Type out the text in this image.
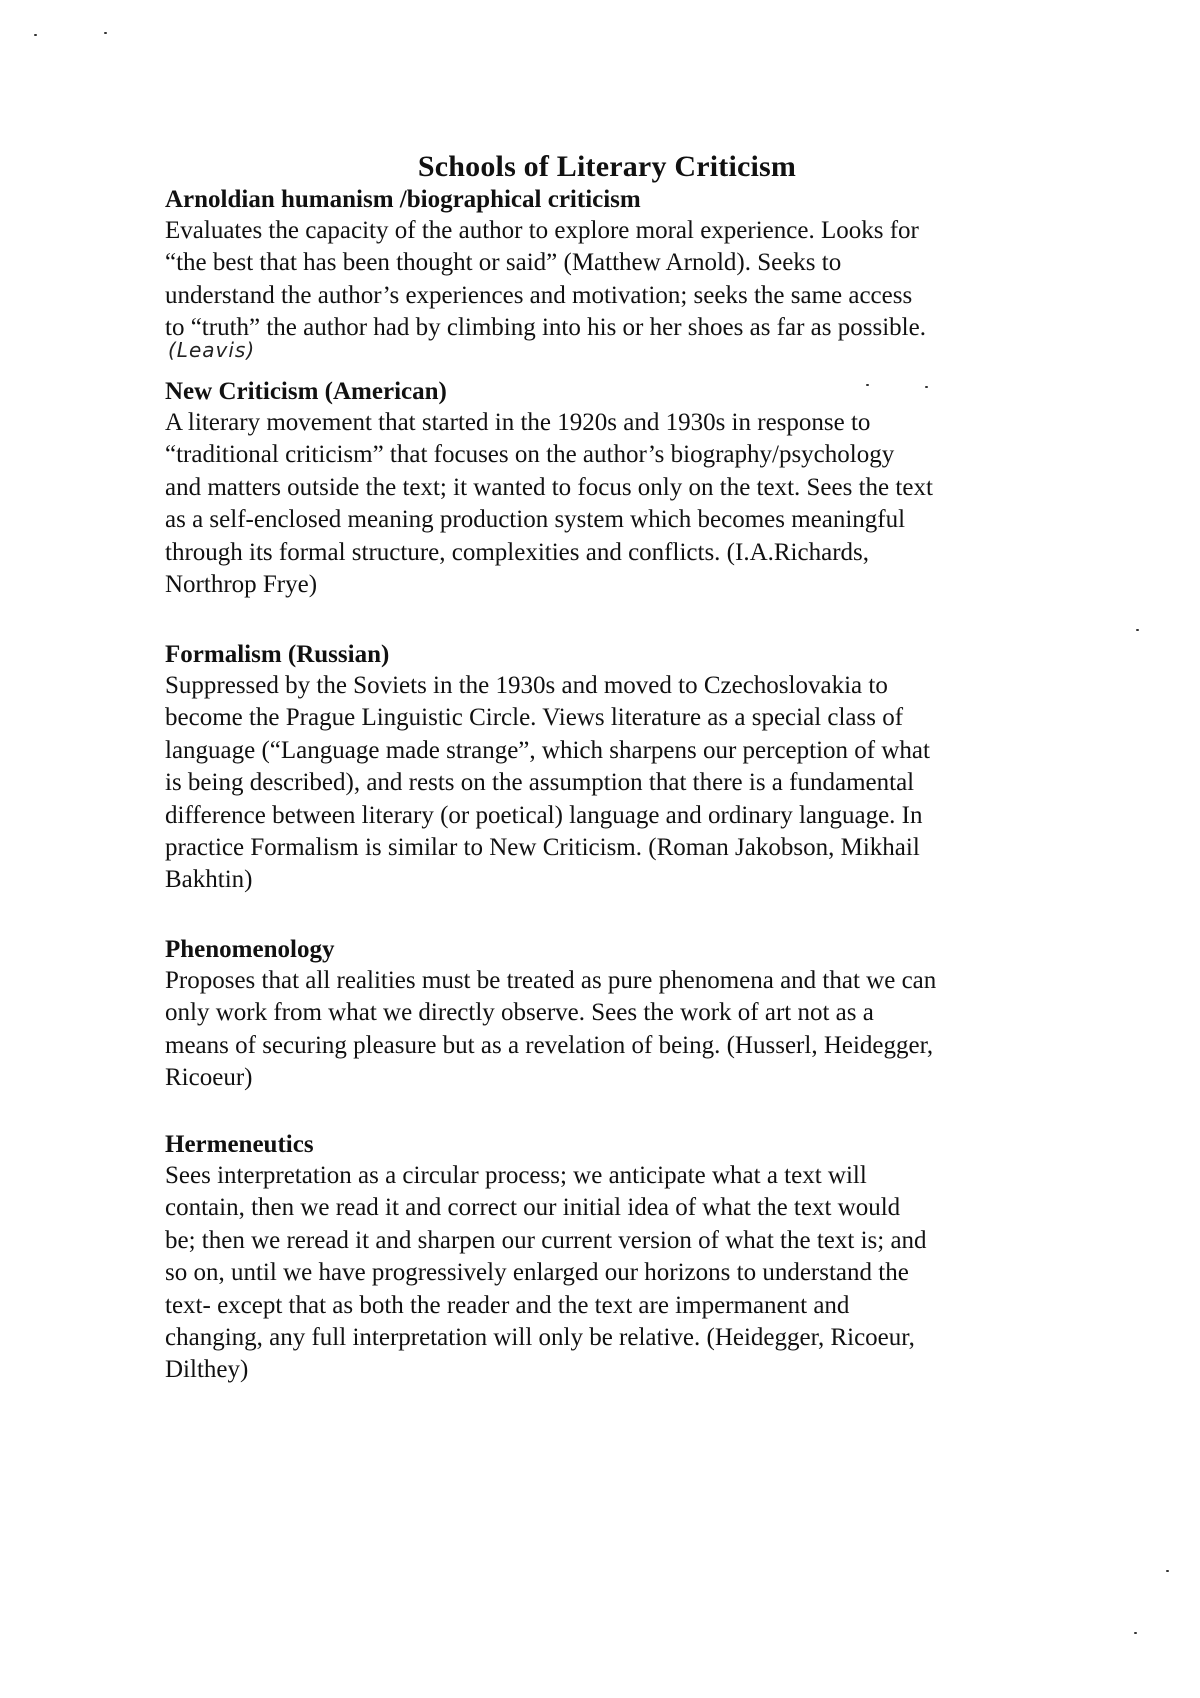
Schools of Literary Criticism
Arnoldian humanism /biographical criticism
Evaluates the capacity of the author to explore moral experience. Looks for
“the best that has been thought or said” (Matthew Arnold). Seeks to
understand the author’s experiences and motivation; seeks the same access
to “truth” the author had by climbing into his or her shoes as far as possible.
(Leavis)
New Criticism (American)
A literary movement that started in the 1920s and 1930s in response to
“traditional criticism” that focuses on the author’s biography/psychology
and matters outside the text; it wanted to focus only on the text. Sees the text
as a self-enclosed meaning production system which becomes meaningful
through its formal structure, complexities and conflicts. (I.A.Richards,
Northrop Frye)
Formalism (Russian)
Suppressed by the Soviets in the 1930s and moved to Czechoslovakia to
become the Prague Linguistic Circle. Views literature as a special class of
language (“Language made strange”, which sharpens our perception of what
is being described), and rests on the assumption that there is a fundamental
difference between literary (or poetical) language and ordinary language. In
practice Formalism is similar to New Criticism. (Roman Jakobson, Mikhail
Bakhtin)
Phenomenology
Proposes that all realities must be treated as pure phenomena and that we can
only work from what we directly observe. Sees the work of art not as a
means of securing pleasure but as a revelation of being. (Husserl, Heidegger,
Ricoeur)
Hermeneutics
Sees interpretation as a circular process; we anticipate what a text will
contain, then we read it and correct our initial idea of what the text would
be; then we reread it and sharpen our current version of what the text is; and
so on, until we have progressively enlarged our horizons to understand the
text- except that as both the reader and the text are impermanent and
changing, any full interpretation will only be relative. (Heidegger, Ricoeur,
Dilthey)
